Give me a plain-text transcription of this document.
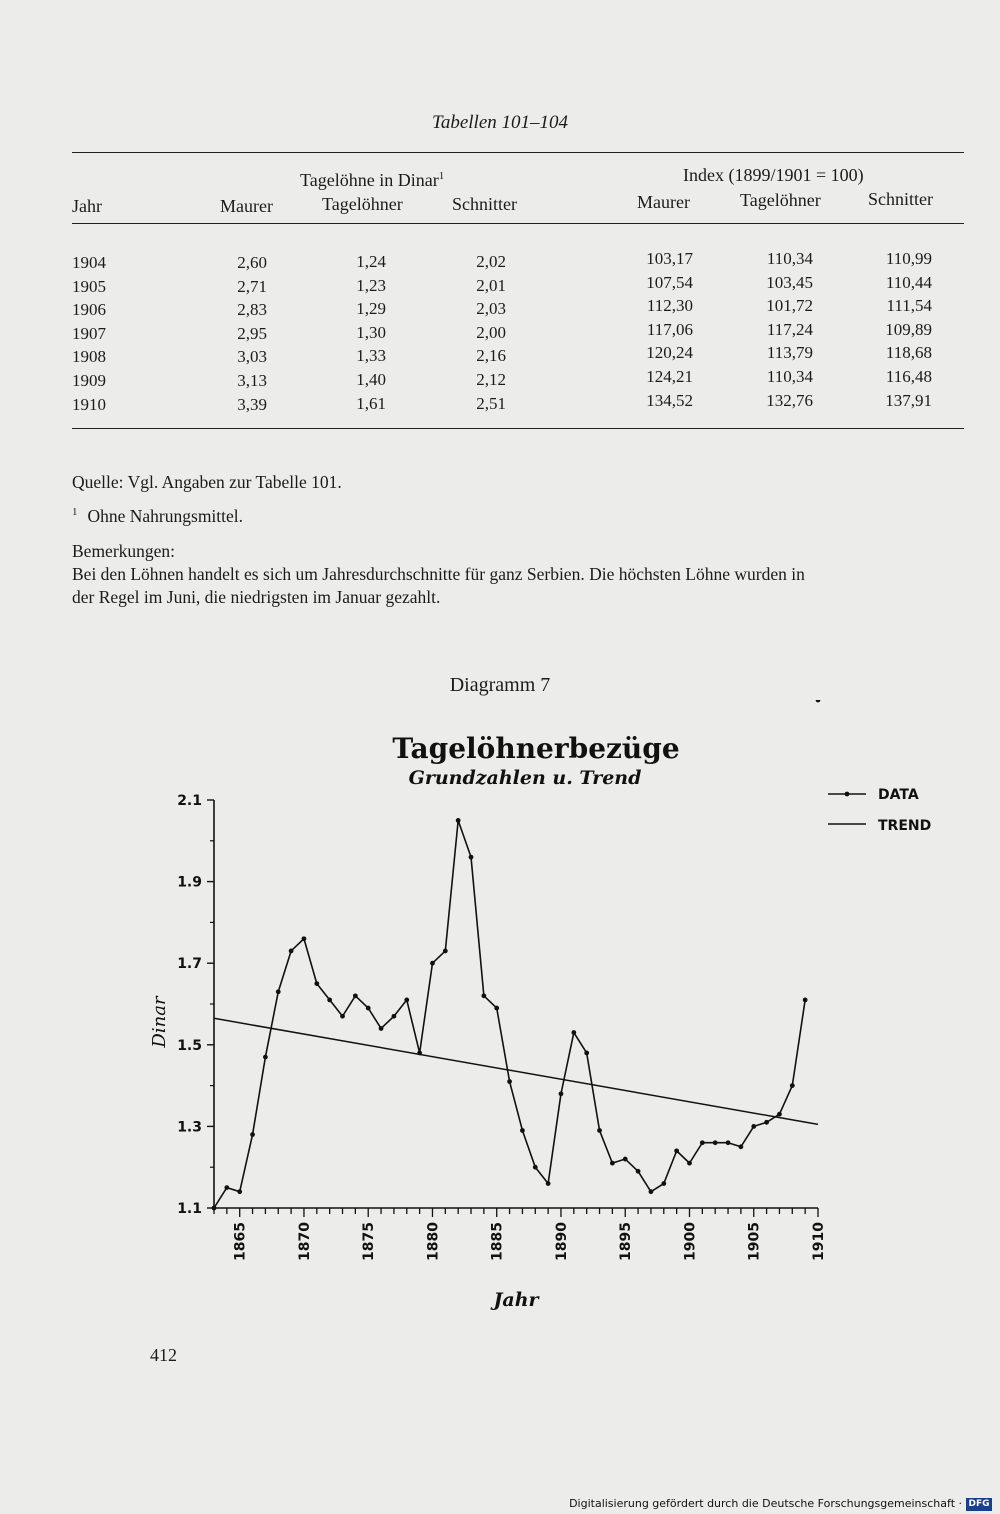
Tabellen 101–104
Tagelöhne in Dinar$^1$	Index (1899/1901 = 100)
Jahr	Maurer	Tagelöhner	Schnitter	Maurer	Tagelöhner	Schnitter
1904	2,60	1,24	2,02	103,17	110,34	110,99
1905	2,71	1,23	2,01	107,54	103,45	110,44
1906	2,83	1,29	2,03	112,30	101,72	111,54
1907	2,95	1,30	2,00	117,06	117,24	109,89
1908	3,03	1,33	2,16	120,24	113,79	118,68
1909	3,13	1,40	2,12	124,21	110,34	116,48
1910	3,39	1,61	2,51	134,52	132,76	137,91
Quelle: Vgl. Angaben zur Tabelle 101.
$^1$ Ohne Nahrungsmittel.
Bemerkungen:
Bei den Löhnen handelt es sich um Jahresdurchschnitte für ganz Serbien. Die höchsten Löhne wurden in
der Regel im Juni, die niedrigsten im Januar gezahlt.
Diagramm 7
Tagelöhnerbezüge
Grundzahlen u. Trend
1.1
1.3
1.5
1.7
1.9
2.1
1865	1870	1875	1880	1885	1890	1895	1900	1905	1910
DATA
TREND
Dinar
Jahr
412
Digitalisierung gefördert durch die Deutsche Forschungsgemeinschaft · DFG
